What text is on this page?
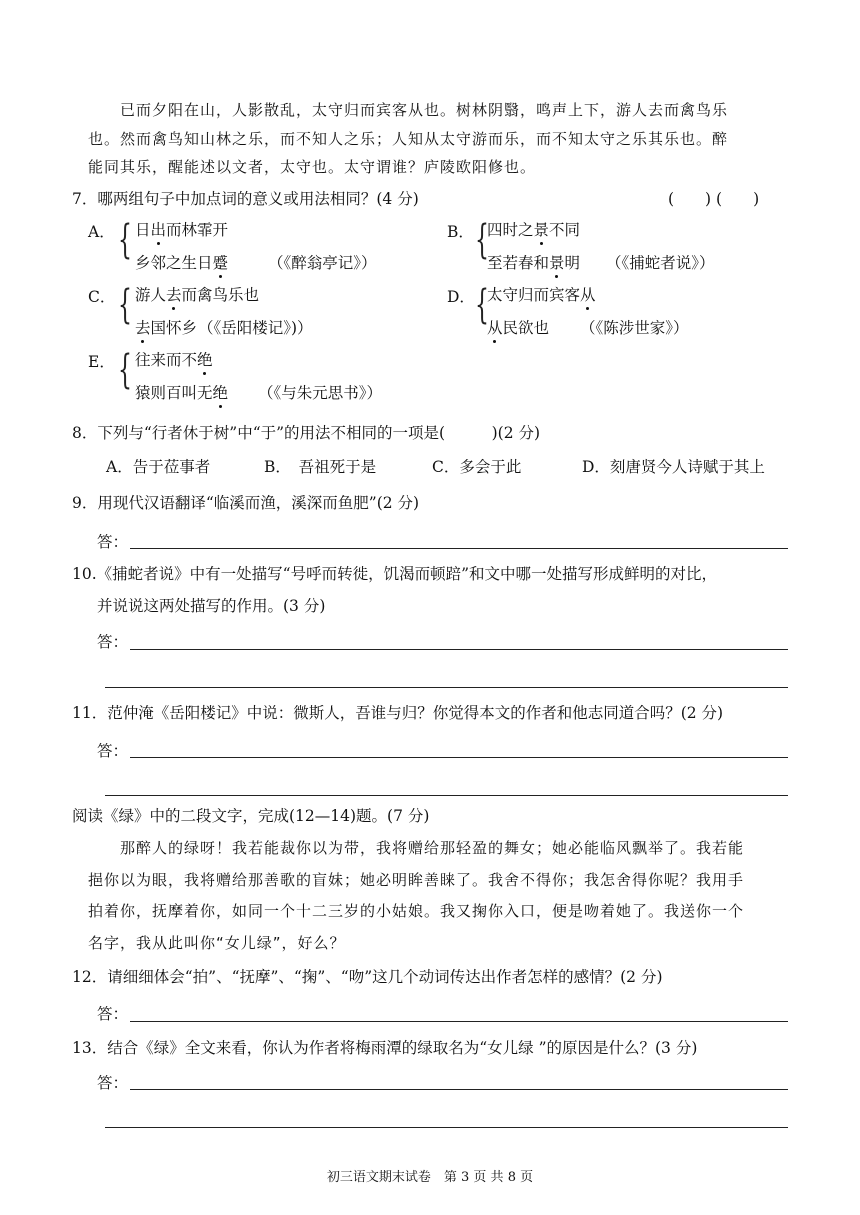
已而夕阳在山，人影散乱，太守归而宾客从也。树林阴翳，鸣声上下，游人去而禽鸟乐
也。然而禽鸟知山林之乐，而不知人之乐；人知从太守游而乐，而不知太守之乐其乐也。醉
能同其乐，醒能述以文者，太守也。太守谓谁？庐陵欧阳修也。
7．哪两组句子中加点词的意义或用法相同？(4 分)	(　　) (　　)
A． { 日出而林霏开
乡邻之生日蹙	（《醉翁亭记》）
B． {
四时之景不同
至若春和景明 （《捕蛇者说》）
C． { 游人去而禽鸟乐也
去国怀乡 （《岳阳楼记》)）
D． {
太守归而宾客从
从民欲也 （《陈涉世家》）
E． { 往来而不绝
猿则百叫无绝 （《与朱元思书》）
8．下列与“行者休于树”中“于”的用法不相同的一项是(　　　)(2 分)
A．告于莅事者	B．　吾祖死于是	C．多会于此	D．刻唐贤今人诗赋于其上
9．用现代汉语翻译“临溪而渔，溪深而鱼肥”(2 分)
答：
10.《捕蛇者说》中有一处描写“号呼而转徙，饥渴而顿踣”和文中哪一处描写形成鲜明的对比，
并说说这两处描写的作用。(3 分)
答：
11．范仲淹《岳阳楼记》中说：微斯人，吾谁与归？你觉得本文的作者和他志同道合吗？(2 分)
答：
阅读《绿》中的二段文字，完成(12—14)题。(7 分)
那醉人的绿呀！我若能裁你以为带，我将赠给那轻盈的舞女；她必能临风飘举了。我若能
挹你以为眼，我将赠给那善歌的盲妹；她必明眸善睐了。我舍不得你；我怎舍得你呢？我用手
拍着你，抚摩着你，如同一个十二三岁的小姑娘。我又掬你入口，便是吻着她了。我送你一个
名字，我从此叫你“女儿绿”，好么？
12．请细细体会“拍”、“抚摩”、“掬”、“吻”这几个动词传达出作者怎样的感情？(2 分)
答：
13．结合《绿》全文来看，你认为作者将梅雨潭的绿取名为“女儿绿 ”的原因是什么？(3 分)
答：
初三语文期末试卷　第 3 页 共 8 页
